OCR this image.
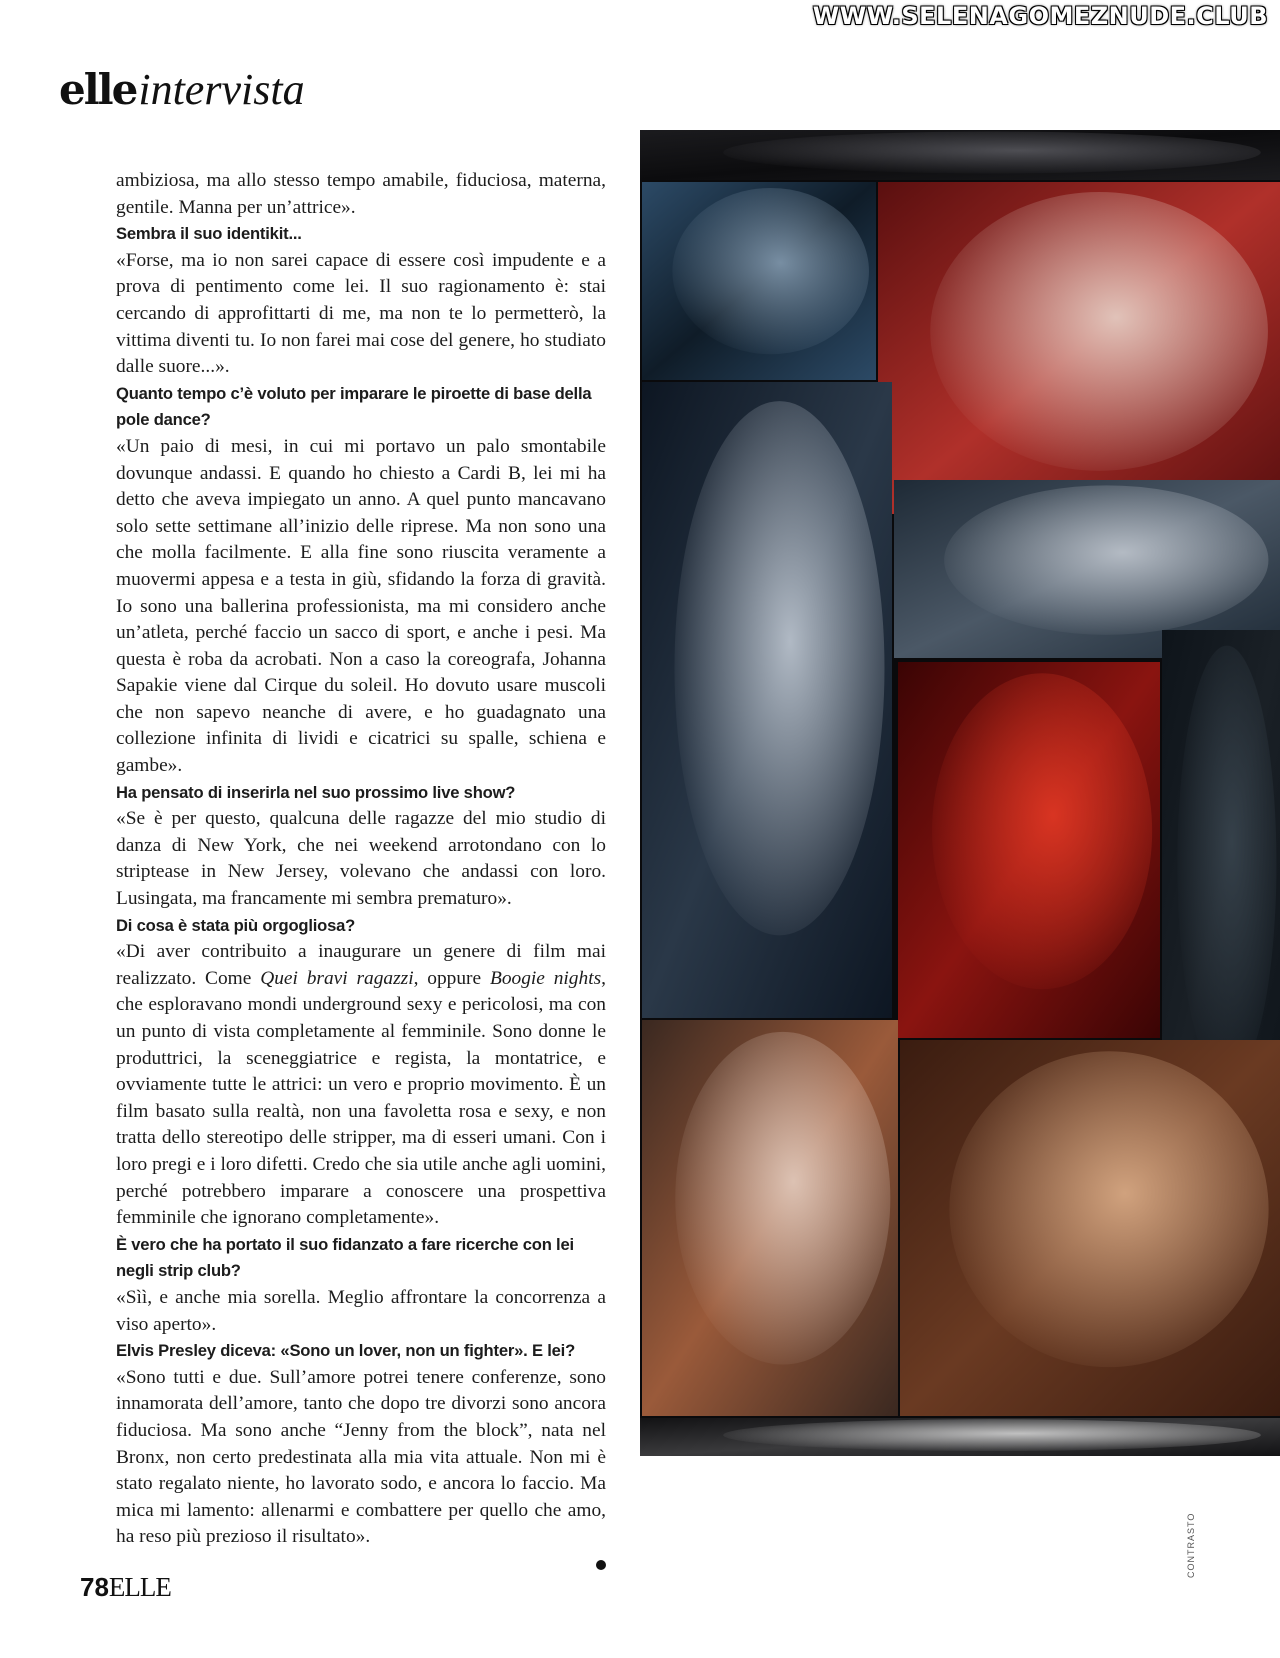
WWW.SELENAGOMEZNUDE.CLUB
elleintervista

ambiziosa, ma allo stesso tempo amabile, fiduciosa, materna, gentile. Manna per un’attrice».

Sembra il suo identikit...

«Forse, ma io non sarei capace di essere così impudente e a prova di pentimento come lei. Il suo ragionamento è: stai cercando di approfittarti di me, ma non te lo permetterò, la vittima diventi tu. Io non farei mai cose del genere, ho studiato dalle suore...».

Quanto tempo c’è voluto per imparare le piroette di base della pole dance?

«Un paio di mesi, in cui mi portavo un palo smontabile dovunque andassi. E quando ho chiesto a Cardi B, lei mi ha detto che aveva impiegato un anno. A quel punto mancavano solo sette settimane all’inizio delle riprese. Ma non sono una che molla facilmente. E alla fine sono riuscita veramente a muovermi appesa e a testa in giù, sfidando la forza di gravità. Io sono una ballerina professionista, ma mi considero anche un’atleta, perché faccio un sacco di sport, e anche i pesi. Ma questa è roba da acrobati. Non a caso la coreografa, Johanna Sapakie viene dal Cirque du soleil. Ho dovuto usare muscoli che non sapevo neanche di avere, e ho guadagnato una collezione infinita di lividi e cicatrici su spalle, schiena e gambe».

Ha pensato di inserirla nel suo prossimo live show?

«Se è per questo, qualcuna delle ragazze del mio studio di danza di New York, che nei weekend arrotondano con lo striptease in New Jersey, volevano che andassi con loro. Lusingata, ma francamente mi sembra prematuro».

Di cosa è stata più orgogliosa?

«Di aver contribuito a inaugurare un genere di film mai realizzato. Come Quei bravi ragazzi, oppure Boogie nights, che esploravano mondi underground sexy e pericolosi, ma con un punto di vista completamente al femminile. Sono donne le produttrici, la sceneggiatrice e regista, la montatrice, e ovviamente tutte le attrici: un vero e proprio movimento. È un film basato sulla realtà, non una favoletta rosa e sexy, e non tratta dello stereotipo delle stripper, ma di esseri umani. Con i loro pregi e i loro difetti. Credo che sia utile anche agli uomini, perché potrebbero imparare a conoscere una prospettiva femminile che ignorano completamente».

È vero che ha portato il suo fidanzato a fare ricerche con lei negli strip club?

«Sìì, e anche mia sorella. Meglio affrontare la concorrenza a viso aperto».

Elvis Presley diceva: «Sono un lover, non un fighter». E lei?

«Sono tutti e due. Sull’amore potrei tenere conferenze, sono innamorata dell’amore, tanto che dopo tre divorzi sono ancora fiduciosa. Ma sono anche “Jenny from the block”, nata nel Bronx, non certo predestinata alla mia vita attuale. Non mi è stato regalato niente, ho lavorato sodo, e ancora lo faccio. Ma mica mi lamento: allenarmi e combattere per quello che amo, ha reso più prezioso il risultato».

78ELLE
CONTRASTO
